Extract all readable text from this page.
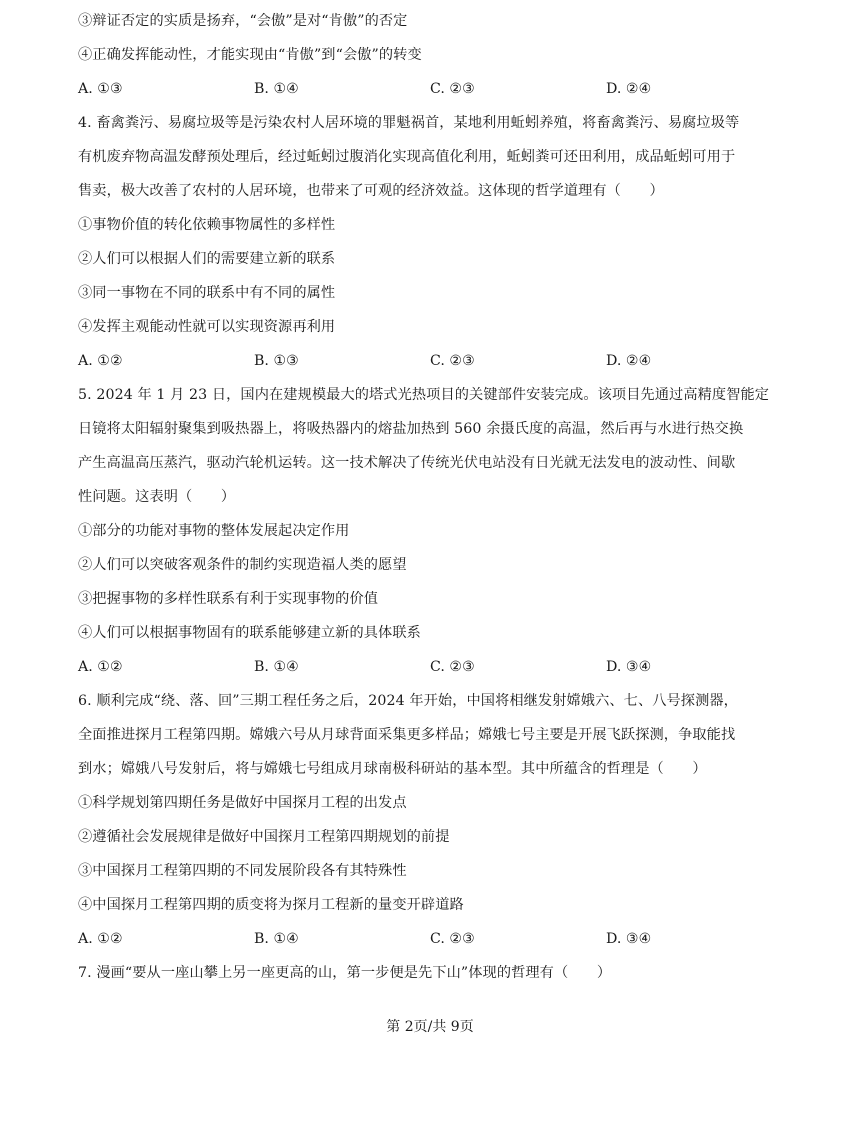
③辩证否定的实质是扬弃，“会傲”是对“肯傲”的否定
④正确发挥能动性，才能实现由“肯傲”到“会傲”的转变
A. ①③	B. ①④	C. ②③	D. ②④
4. 畜禽粪污、易腐垃圾等是污染农村人居环境的罪魁祸首，某地利用蚯蚓养殖，将畜禽粪污、易腐垃圾等
有机废弃物高温发酵预处理后，经过蚯蚓过腹消化实现高值化利用，蚯蚓粪可还田利用，成品蚯蚓可用于
售卖，极大改善了农村的人居环境，也带来了可观的经济效益。这体现的哲学道理有（　　）
①事物价值的转化依赖事物属性的多样性
②人们可以根据人们的需要建立新的联系
③同一事物在不同的联系中有不同的属性
④发挥主观能动性就可以实现资源再利用
A. ①②	B. ①③	C. ②③	D. ②④
5. 2024 年 1 月 23 日，国内在建规模最大的塔式光热项目的关键部件安装完成。该项目先通过高精度智能定
日镜将太阳辐射聚集到吸热器上，将吸热器内的熔盐加热到 560 余摄氏度的高温，然后再与水进行热交换
产生高温高压蒸汽，驱动汽轮机运转。这一技术解决了传统光伏电站没有日光就无法发电的波动性、间歇
性问题。这表明（　　）
①部分的功能对事物的整体发展起决定作用
②人们可以突破客观条件的制约实现造福人类的愿望
③把握事物的多样性联系有利于实现事物的价值
④人们可以根据事物固有的联系能够建立新的具体联系
A. ①②	B. ①④	C. ②③	D. ③④
6. 顺利完成“绕、落、回”三期工程任务之后，2024 年开始，中国将相继发射嫦娥六、七、八号探测器，
全面推进探月工程第四期。嫦娥六号从月球背面采集更多样品；嫦娥七号主要是开展飞跃探测，争取能找
到水；嫦娥八号发射后，将与嫦娥七号组成月球南极科研站的基本型。其中所蕴含的哲理是（　　）
①科学规划第四期任务是做好中国探月工程的出发点
②遵循社会发展规律是做好中国探月工程第四期规划的前提
③中国探月工程第四期的不同发展阶段各有其特殊性
④中国探月工程第四期的质变将为探月工程新的量变开辟道路
A. ①②	B. ①④	C. ②③	D. ③④
7. 漫画“要从一座山攀上另一座更高的山，第一步便是先下山”体现的哲理有（　　）
第 2页/共 9页
